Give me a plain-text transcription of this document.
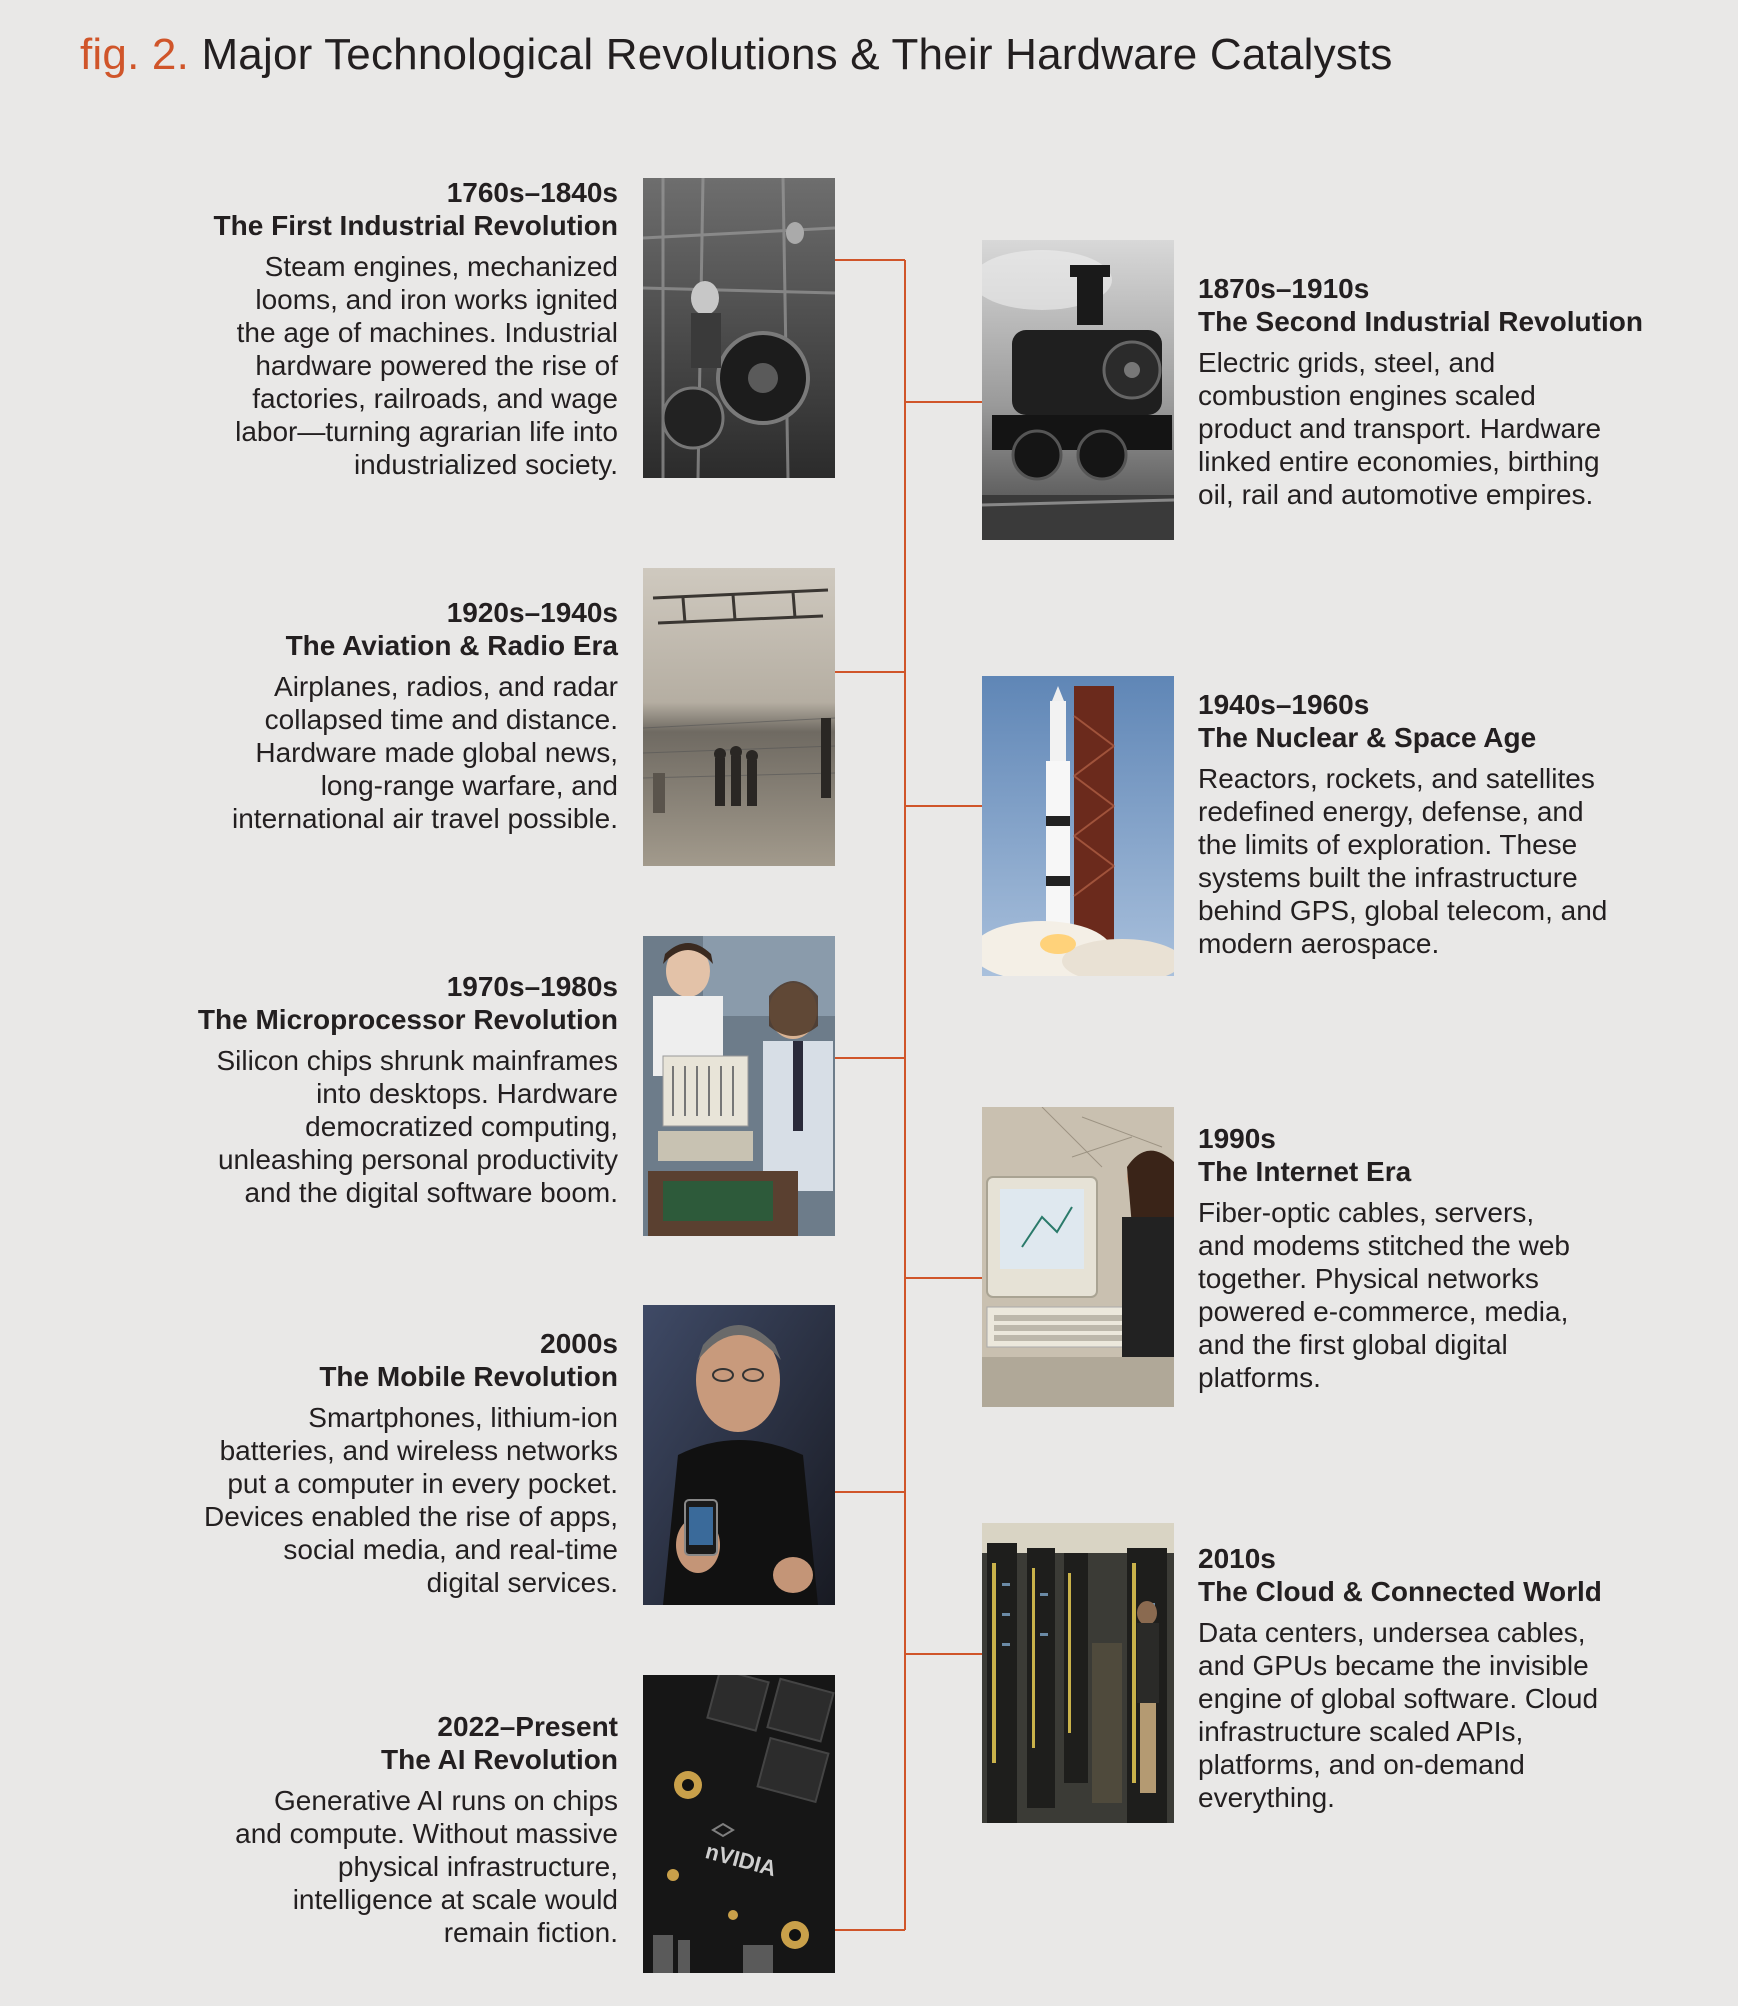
fig. 2. Major Technological Revolutions & Their Hardware Catalysts
nVIDIA
1760s–1840s
The First Industrial Revolution
Steam engines, mechanized
looms, and iron works ignited
the age of machines. Industrial
hardware powered the rise of
factories, railroads, and wage
labor—turning agrarian life into
industrialized society.
1870s–1910s
The Second Industrial Revolution
Electric grids, steel, and
combustion engines scaled
product and transport. Hardware
linked entire economies, birthing
oil, rail and automotive empires.
1920s–1940s
The Aviation & Radio Era
Airplanes, radios, and radar
collapsed time and distance.
Hardware made global news,
long-range warfare, and
international air travel possible.
1940s–1960s
The Nuclear & Space Age
Reactors, rockets, and satellites
redefined energy, defense, and
the limits of exploration. These
systems built the infrastructure
behind GPS, global telecom, and
modern aerospace.
1970s–1980s
The Microprocessor Revolution
Silicon chips shrunk mainframes
into desktops. Hardware
democratized computing,
unleashing personal productivity
and the digital software boom.
1990s
The Internet Era
Fiber-optic cables, servers,
and modems stitched the web
together. Physical networks
powered e-commerce, media,
and the first global digital
platforms.
2000s
The Mobile Revolution
Smartphones, lithium-ion
batteries, and wireless networks
put a computer in every pocket.
Devices enabled the rise of apps,
social media, and real-time
digital services.
2010s
The Cloud & Connected World
Data centers, undersea cables,
and GPUs became the invisible
engine of global software. Cloud
infrastructure scaled APIs,
platforms, and on-demand
everything.
2022–Present
The AI Revolution
Generative AI runs on chips
and compute. Without massive
physical infrastructure,
intelligence at scale would
remain fiction.
